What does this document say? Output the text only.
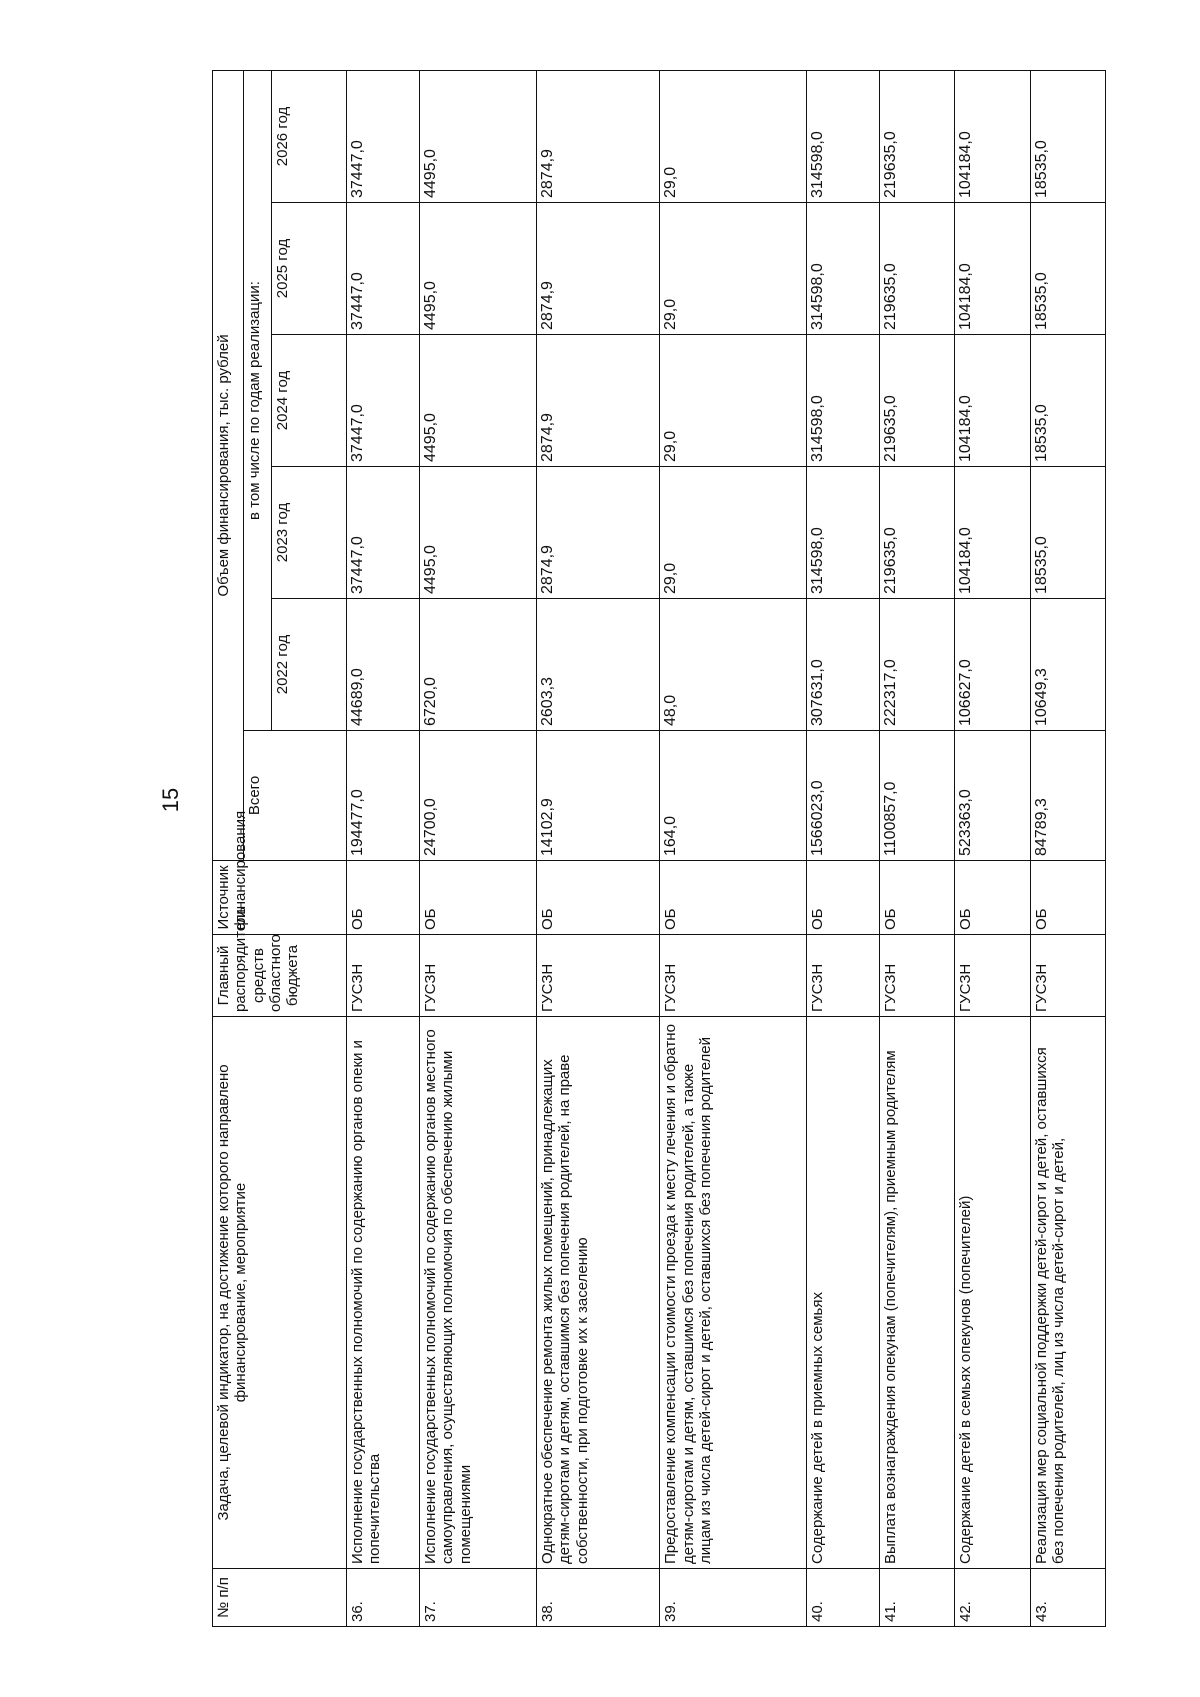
15
№ п/п	Задача, целевой индикатор, на достижение которого направлено финансирование, мероприятие	Главный распорядитель средств областного бюджета	Источник финансирования	Объем финансирования, тыс. рублей					
				Всего	в том числе по годам реализации:				
					2022 год	2023 год	2024 год	2025 год	2026 год
36.	Исполнение государственных полномочий по содержанию органов опеки и попечительства	ГУСЗН	ОБ	194477,0	44689,0	37447,0	37447,0	37447,0	37447,0
37.	Исполнение государственных полномочий по содержанию органов местного самоуправления, осуществляющих полномочия по обеспечению жилыми помещениями	ГУСЗН	ОБ	24700,0	6720,0	4495,0	4495,0	4495,0	4495,0
38.	Однократное обеспечение ремонта жилых помещений, принадлежащих детям-сиротам и детям, оставшимся без попечения родителей, на праве собственности, при подготовке их к заселению	ГУСЗН	ОБ	14102,9	2603,3	2874,9	2874,9	2874,9	2874,9
39.	Предоставление компенсации стоимости проезда к месту лечения и обратно детям-сиротам и детям, оставшимся без попечения родителей, а также лицам из числа детей-сирот и детей, оставшихся без попечения родителей	ГУСЗН	ОБ	164,0	48,0	29,0	29,0	29,0	29,0
40.	Содержание детей в приемных семьях	ГУСЗН	ОБ	1566023,0	307631,0	314598,0	314598,0	314598,0	314598,0
41.	Выплата вознаграждения опекунам (попечителям), приемным родителям	ГУСЗН	ОБ	1100857,0	222317,0	219635,0	219635,0	219635,0	219635,0
42.	Содержание детей в семьях опекунов (попечителей)	ГУСЗН	ОБ	523363,0	106627,0	104184,0	104184,0	104184,0	104184,0
43.	Реализация мер социальной поддержки детей-сирот и детей, оставшихся без попечения родителей, лиц из числа детей-сирот и детей,	ГУСЗН	ОБ	84789,3	10649,3	18535,0	18535,0	18535,0	18535,0
